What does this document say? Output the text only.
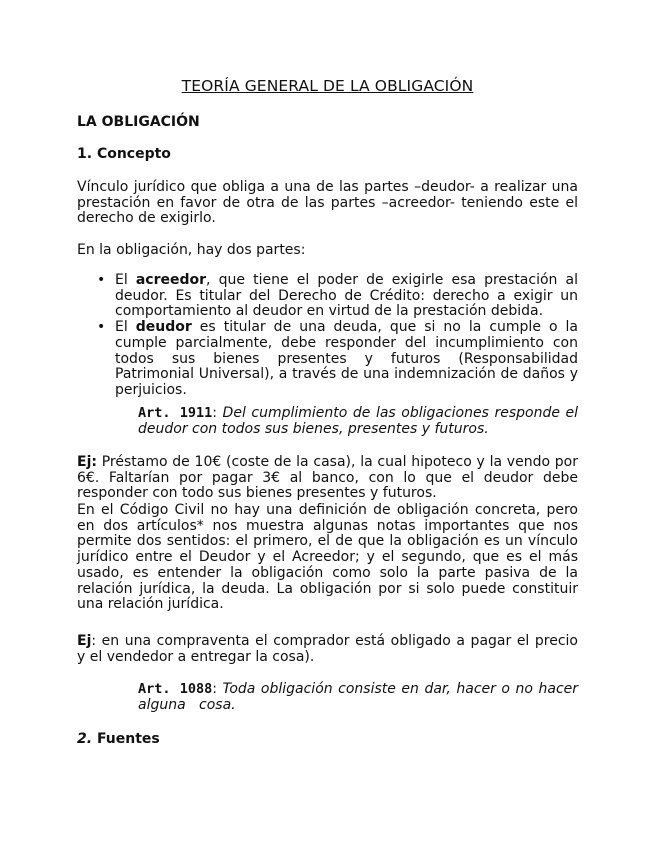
TEORÍA GENERAL DE LA OBLIGACIÓN
LA OBLIGACIÓN
1. Concepto
Vínculo jurídico que obliga a una de las partes –deudor- a realizar una prestación en favor de otra de las partes –acreedor- teniendo este el derecho de exigirlo.
En la obligación, hay dos partes:
• El acreedor, que tiene el poder de exigirle esa prestación al deudor. Es titular del Derecho de Crédito: derecho a exigir un comportamiento al deudor en virtud de la prestación debida.
• El deudor es titular de una deuda, que si no la cumple o la cumple parcialmente, debe responder del incumplimiento con todos sus bienes presentes y futuros (Responsabilidad Patrimonial Universal), a través de una indemnización de daños y perjuicios.
Art. 1911: Del cumplimiento de las obligaciones responde el deudor con todos sus bienes, presentes y futuros.
Ej: Préstamo de 10€ (coste de la casa), la cual hipoteco y la vendo por 6€. Faltarían por pagar 3€ al banco, con lo que el deudor debe responder con todo sus bienes presentes y futuros.
En el Código Civil no hay una definición de obligación concreta, pero en dos artículos* nos muestra algunas notas importantes que nos permite dos sentidos: el primero, el de que la obligación es un vínculo jurídico entre el Deudor y el Acreedor; y el segundo, que es el más usado, es entender la obligación como solo la parte pasiva de la relación jurídica, la deuda. La obligación por si solo puede constituir una relación jurídica.
Ej: en una compraventa el comprador está obligado a pagar el precio y el vendedor a entregar la cosa).
Art. 1088: Toda obligación consiste en dar, hacer o no hacer alguna   cosa.
2. Fuentes
